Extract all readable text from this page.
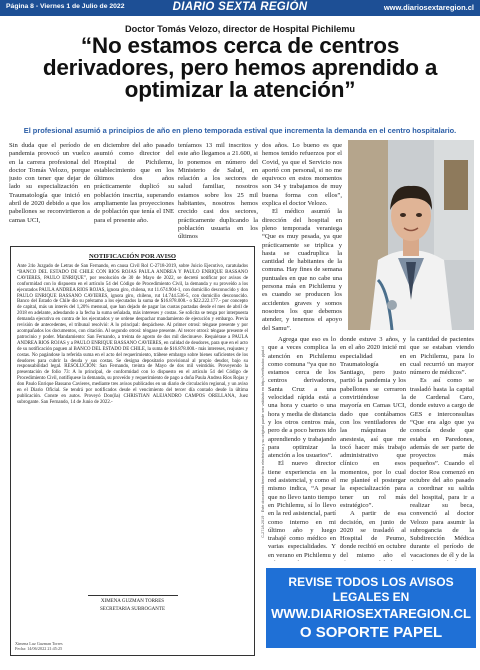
Página 8 - Viernes 1 de Julio de 2022	DIARIO SEXTA REGIÓN	www.diariosextaregion.cl
Doctor Tomás Velozo, director de Hospital Pichilemu
“No estamos cerca de centros derivadores, pero hemos aprendido a optimizar la atención”
El profesional asumió a principios de año en pleno temporada estival que incrementa la demanda en el centro hospitalario.

Sin duda que el período de pandemia provocó un vuelco en la carrera profesional del doctor Tomás Velozo, porque justo con tener que dejar de lado su especialización en Traumatología que inició en abril de 2020 debido a que los pabellones se reconvirtieron a camas UCI,

en diciembre del año pasado asumió como director del Hospital de Pichilemu, establecimiento que en los últimos dos años prácticamente duplicó su población inscrita, superando ampliamente las proyecciones de población que tenía el INE para el presente año.

teníamos 13 mil inscritos y este año llegamos a 21.600, si lo ponemos en número del Ministerio de Salud, en relación a los sectores de salud familiar, nosotros estamos sobre los 25 mil habitantes, nosotros hemos crecido casi dos sectores, prácticamente duplicando la población usuaria en los últimos

dos años. Lo bueno es que hemos tenido refuerzos por el Covid, ya que el Servicio nos aportó con personal, si no me equivoco en estos momentos son 34 y trabajamos de muy buena forma con ellos”, explica el doctor Velozo.

El médico asumió la dirección del hospital en pleno temporada veraniega “Que es muy pesada, ya que prácticamente se triplica y hasta se cuadruplica la cantidad de habitantes de la comuna. Hay fines de semana puntuales en que no cabe una persona más en Pichilemu y es cuando se producen los accidentes graves y somos nosotros los que debemos atender, y tenemos el apoyo del Samu”.

NOTIFICACIÓN POR AVISO

Ante 24o Juzgado de Letras de San Fernando, en causa Civil Rol C-2718-2019, sobre Juicio Ejecutivo, caratulados “BANCO DEL ESTADO DE CHILE CON RIOS ROJAS PAULA ANDREA Y PAULO ENRIQUE BASSANO CAVIERES, PAULO ENRIQUE”, por resolución de 30 de Mayo de 2022, se decretó notificar por avisos de conformidad con lo dispuesto en el artículo 54 del Código de Procedimiento Civil, la demanda y su proveído a los ejecutados PAULA ANDREA RIOS ROJAS, ignora giro, chilena, rut 11.674.904-1, con domicilio desconocido y don PAULO ENRIQUE BASSANO CAVIERES, ignora giro, chileno, rut 14.744.536-5, con domicilio desconocido. Banco del Estado de Chile dio su préstamo a los ejecutados la suma de $16.878.000.- o $22.222.177.- por concepto de capital, más un interés del 1,20% mensual, que han dejado de pagar las cuotas pactadas desde el mes de abril de 2018 en adelante, adeudando a la fecha la suma señalada, más intereses y costas. Se solicita se tenga por interpuesta demanda ejecutiva en contra de los ejecutados y se ordene despachar mandamiento de ejecución y embargo. Previa revisión de antecedentes, el tribunal resolvió: A lo principal: despáchese. Al primer otrosí: téngase presente y por acompañados los documentos, con citación. Al segundo otrosí: téngase presente. Al tercer otrosí: téngase presente el patrocinio y poder. Mandamiento: San Fernando, a treinta de agosto de dos mil diecinueve. Requiérase a PAULA ANDREA RIOS ROJAS y a PAULO ENRIQUE BASSANO CAVIERES, en calidad de deudores, para que en el acto de su notificación paguen al BANCO DEL ESTADO DE CHILE, la suma de $16.878.000.- más intereses, reajustes y costas. No pagándose la referida suma en el acto del requerimiento, trábese embargo sobre bienes suficientes de los deudores para cubrir la deuda y sus costas. Se designa depositario provisional al propio deudor, bajo su responsabilidad legal. RESOLUCIÓN: San Fernando, treinta de Mayo de dos mil veintidós. Proveyendo la presentación de folio 73: A lo principal, de conformidad con lo dispuesto en el artículo 54 del Código de Procedimiento Civil, notifíquese la demanda, su proveído y requerimiento de pago a doña Paula Andrea Rios Rojas y don Paulo Enrique Bassano Cavieres, mediante tres avisos publicados en un diario de circulación regional, y un aviso en el Diario Oficial. Se tendrá por notificados desde el vencimiento del tercer día contado desde la última publicación. Conste en autos. Proveyó Don(ña) CHRISTIAN ALEJANDRO CAMPOS ORELLANA, Juez subrogante. San Fernando, 14 de Junio de 2022.-

XIMENA GUZMAN TORRES
SECRETARIA SUBROGANTE
Ximena Luz Guzman Torres
Fecha: 14/06/2022 21:45:25
C-2718-2019 · Este documento tiene firma electrónica y su original puede ser validado en http://verificadoc.pjud.cl

Agrega que eso es lo que a veces complica la atención en Pichilemu como comuna “ya que no estamos cerca de los centros derivadores, Santa Cruz a una velocidad rápida está a una hora y cuarto o una hora y media de distancia y los otros centros más, pero de a poco hemos ido aprendiendo y trabajando para optimizar la atención a los usuarios”.

El nuevo director tiene experiencia en la red asistencial, y como el mismo indica, “A pesar que no llevo tanto tiempo en Pichilemu, sí lo llevo en la red asistencial, partí como interno en mi último año y luego trabajé como médico en varias especialidades. Y en verano en Pichilemu y

donde estuve 3 años, y en el año 2020 inicié mi especialidad en Traumatología en Santiago, pero justo partió la pandemia y los pabellones se cerraron convirtiéndose la mayoría en Camas UCI, dado que contábamos con los ventiladores de las máquinas de anestesia, así que me tocó hacer más trabajo administrativo que clínico en esos momentos, por lo cual me planteé el postergar la especialización para tener un rol más estratégico”.

A partir de esa decisión, en junio de 2020 se trasladó al Hospital de Peumo, donde recibió en octubre del mismo año el

la cantidad de pacientes que se estaban viendo en Pichilemu, para lo cual recurrió un mayor número de médicos”.

Es así como se trasladó hasta la capital de Cardenal Caro, donde estuvo a cargo de GES e interconsultas “Que era algo que ya conocía desde que estaba en Paredones, además de ser parte de proyectos más pequeños”. Cuando el doctor Roa comenzó en octubre del año pasado a coordinar su salida del hospital, para ir a realizar su beca, convenció al doctor Velozo para asumir la subrogancia de la Subdirección Médica durante el período de vacaciones de él y de la

REVISE TODOS LOS AVISOS LEGALES EN
WWW.DIARIOSEXTAREGION.CL
O SOPORTE PAPEL
